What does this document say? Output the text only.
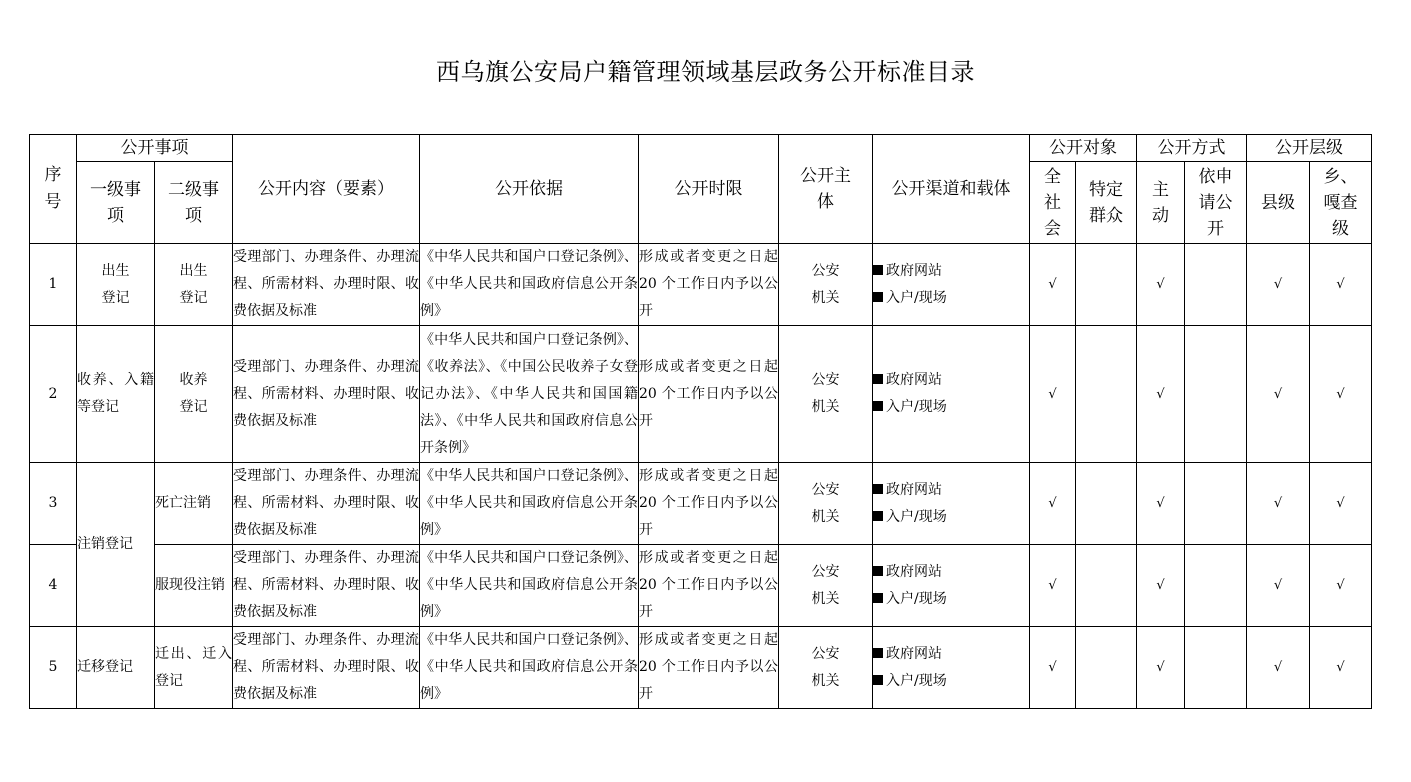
西乌旗公安局户籍管理领域基层政务公开标准目录
序号	公开事项		公开内容（要素）	公开依据	公开时限	公开主体	公开渠道和载体	公开对象		公开方式		公开层级	

	一级事项	二级事项						全社会	特定群众	主动	依申请公开	县级	乡、嘎查级

1	出生登记	出生登记	受理部门、办理条件、办理流程、所需材料、办理时限、收费依据及标准	《中华人民共和国户口登记条例》、《中华人民共和国政府信息公开条例》	形成或者变更之日起 20 个工作日内予以公开	公安机关	政府网站
入户/现场	√		√		√	√
2	收养、入籍等登记	收养登记	受理部门、办理条件、办理流程、所需材料、办理时限、收费依据及标准	《中华人民共和国户口登记条例》、《收养法》、《中国公民收养子女登记办法》、《中华人民共和国国籍法》、《中华人民共和国政府信息公开条例》	形成或者变更之日起 20 个工作日内予以公开	公安机关	政府网站
入户/现场	√		√		√	√
3	注销登记	死亡注销	受理部门、办理条件、办理流程、所需材料、办理时限、收费依据及标准	《中华人民共和国户口登记条例》、《中华人民共和国政府信息公开条例》	形成或者变更之日起 20 个工作日内予以公开	公安机关	政府网站
入户/现场	√		√		√	√
4		服现役注销	受理部门、办理条件、办理流程、所需材料、办理时限、收费依据及标准	《中华人民共和国户口登记条例》、《中华人民共和国政府信息公开条例》	形成或者变更之日起 20 个工作日内予以公开	公安机关	政府网站
入户/现场	√		√		√	√
5	迁移登记	迁出、迁入登记	受理部门、办理条件、办理流程、所需材料、办理时限、收费依据及标准	《中华人民共和国户口登记条例》、《中华人民共和国政府信息公开条例》	形成或者变更之日起 20 个工作日内予以公开	公安机关	政府网站
入户/现场	√		√		√	√
